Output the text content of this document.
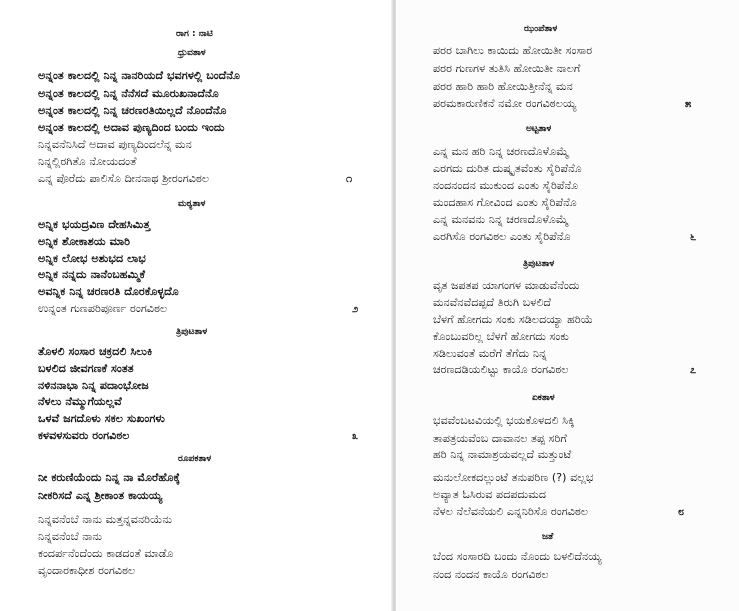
ರಾಗ : ನಾಟಿ
ಧ್ರುವತಾಳ
ಅನ್ನಂತ ಕಾಲದಲ್ಲಿ ನಿನ್ನ ನಾನರಿಯದೆ ಭವಗಳಲ್ಲಿ ಬಂದೆನೊ
ಅನ್ನಂತ ಕಾಲದಲ್ಲಿ ನಿನ್ನ ನೆನೆಸದೆ ಮೂರುಖನಾದೆನೊ
ಅನ್ನಂತ ಕಾಲದಲ್ಲಿ ನಿನ್ನ ಚರಣರತಿಯಿಲ್ಲದೆ ನೊಂದೆನೊ
ಅನ್ನಂತ ಕಾಲದಲ್ಲಿ ಅದಾವ ಪುಣ್ಯದಿಂದ ಬಂದು ಇಂದು
ನಿನ್ನವನೆನಿಸಿದೆ ಅದಾವ ಪುಣ್ಯದಿಂದಲೆನ್ನ ಮನ
ನಿನ್ನಲ್ಲಿರಗಿತೊ ನೋಯದಂತೆ
ಎನ್ನ ಪೊರೆದು ಪಾಲಿಸೊ ದೀನನಾಥ ಶ್ರೀರಂಗವಿಠಲ	೧
ಮಠ್ಯತಾಳ
ಅನ್ನಿಕ ಭಯದ್ರವಿಣ ದೇಹಸಿಮಿತ್ತ
ಅನ್ನಿಕ ಶೋಕಾಶಯ ಮಾರಿ
ಅನ್ನಿಕ ಲೋಭ ಅಶುಭದ ಲಾಭ
ಅನ್ನಿಕ ನನ್ನದು ನಾನೆಂಬಹಮ್ಮಿಕೆ
ಅವನ್ನಿಕ ನಿನ್ನ ಚರಣರತಿ ದೊರಕೊಳ್ಳದೊ
ಉನ್ನಂತ ಗುಣಪರಿಪೂರ್ಣ ರಂಗವಿಠಲ	೨
ತ್ರಿಪುಟತಾಳ
ತೊಳಲಿ ಸಂಸಾರ ಚಕ್ರದಲಿ ಸಿಲುಕಿ
ಬಳಲಿದ ಜೀವಗಣಕೆ ಸಂತತ
ನಳಿನನಾಭಾ ನಿನ್ನ ಪದಾಂಭೋಜ
ನೆಳಲು ನೆಮ್ಮುಗೆಯಲ್ಲವೆ
ಒಳವೆ ಜಗದೊಳು ಸಕಲ ಸುಖಂಗಳು
ಕಳವಳಸುವರು ರಂಗವಿಠಲ	೩
ರೂಪಕತಾಳ
ನೀ ಕರುಣಿಯೆಂದು ನಿನ್ನ ನಾ ಮೊರೆಹೊಕ್ಕೆ
ನೀಕರಿಸದೆ ಎನ್ನ ಶ್ರೀಕಾಂತ ಕಾಯಯ್ಯ
ನಿನ್ನವನೆಂಬೆ ನಾನು ಮತ್ತನ್ನವನರಿಯೆನು
ನಿನ್ನವನೆಂಬೆ ನಾನು
ಕಂದರ್ಪನೆಂದೆಂದು ಕಾಡದಂತೆ ಮಾಡೊ
ವೃಂದಾರಕಾಧೀಶ ರಂಗವಿಠಲ
ಝಂಪೆತಾಳ
ಪರರ ಬಾಗಿಲು ಕಾಯಿದು ಹೋಯಿತೀ ಸಂಸಾರ
ಪರರ ಗುಣಗಳ ತುತಿಸಿ ಹೋಯಿತೀ ನಾಲಗೆ
ಪರರ ಹಾರಿ ಹಾರಿ ಹೋಯಿತ್ತೀನೆನ್ನ ಮನ
ಪರಮಕಾರುಣಿಕನೆ ನಮೋ ರಂಗವಿಠಲಯ್ಯ	೫
ಅಟ್ಟತಾಳ
ಎನ್ನ ಮನ ಹರಿ ನಿನ್ನ ಚರಣದೊಳೊಮ್ಮೆ
ಎರಗದು ದುರಿತ ದುಷ್ಕೃತವೆಂತು ಸೈರಿಪೆನೊ
ನಂದನಂದನ ಮುಕುಂದ ಎಂತು ಸೈರಿಪೆನೊ
ಮಂದಹಾಸ ಗೋವಿಂದ ಎಂತು ಸೈರಿಪೆನೊ
ಎನ್ನ ಮನವನು ನಿನ್ನ ಚರಣದೊಳೊಮ್ಮೆ
ಎರಗಿಸೊ ರಂಗವಿಠಲ ಎಂತು ಸೈರಿಪೆನೊ	೬
ತ್ರಿಪುಟತಾಳ
ವೃತ ಜಪತಪ ಯಾಗಂಗಳ ಮಾಡುವೆನೆಂದು
ಮನವೆನವೆದಪ್ಪದೆ ತಿರುಗಿ ಬಳಲಿದೆ
ಬೆಳಗೆ ಹೋಗದು ಸಂಕು ಸಡಿಲದಯ್ಯಾ ಹರಿಯೆ
ಕೊಂಬುವರಿಲ್ಲ ಬೆಳಗೆ ಹೋಗದು ಸಂಕು
ಸಡಿಲುವಂತೆ ಮರೆಗೆ ತೆಗೆದು ನಿನ್ನ
ಚರಣದಡಿಯಲಿಟ್ಟು ಕಾಯೊ ರಂಗವಿಠಲ	೭
ಏಕತಾಳ
ಭವವೆಂಬಟವಿಯಲ್ಲಿ ಭಯಕೊಳದಲಿ ಸಿಕ್ಕಿ
ತಾಪತ್ರಯವೆಂಬ ದಾವಾನಲ ತಪ್ಪ ಸರಿಗೆ
ಹರಿ ನಿನ್ನ ನಾಮಾಶ್ರಯವಲ್ಲದೆ ಮತ್ತುಂಟೆ
ಮನುಲೋಕದಲ್ಲುಂಟೆ ತನುಪರಿಣ (?) ವಲ್ಲಭ
ಅವ್ಯಾತ ಓಸಿರುವ ಪದಪದುಮದ
ನೆಳಲ ನೆಲೆವನೆಯಲಿ ಎನ್ನನಿರಿಸೊ ರಂಗವಿಠಲ	೮
ಜತೆ
ಬೆಂದ ಸಂಸಾರದಿ ಬಂದು ನೊಂದು ಬಳಲಿದೆನಯ್ಯ
ನಂದ ನಂದನ ಕಾಯೊ ರಂಗವಿಠಲ
